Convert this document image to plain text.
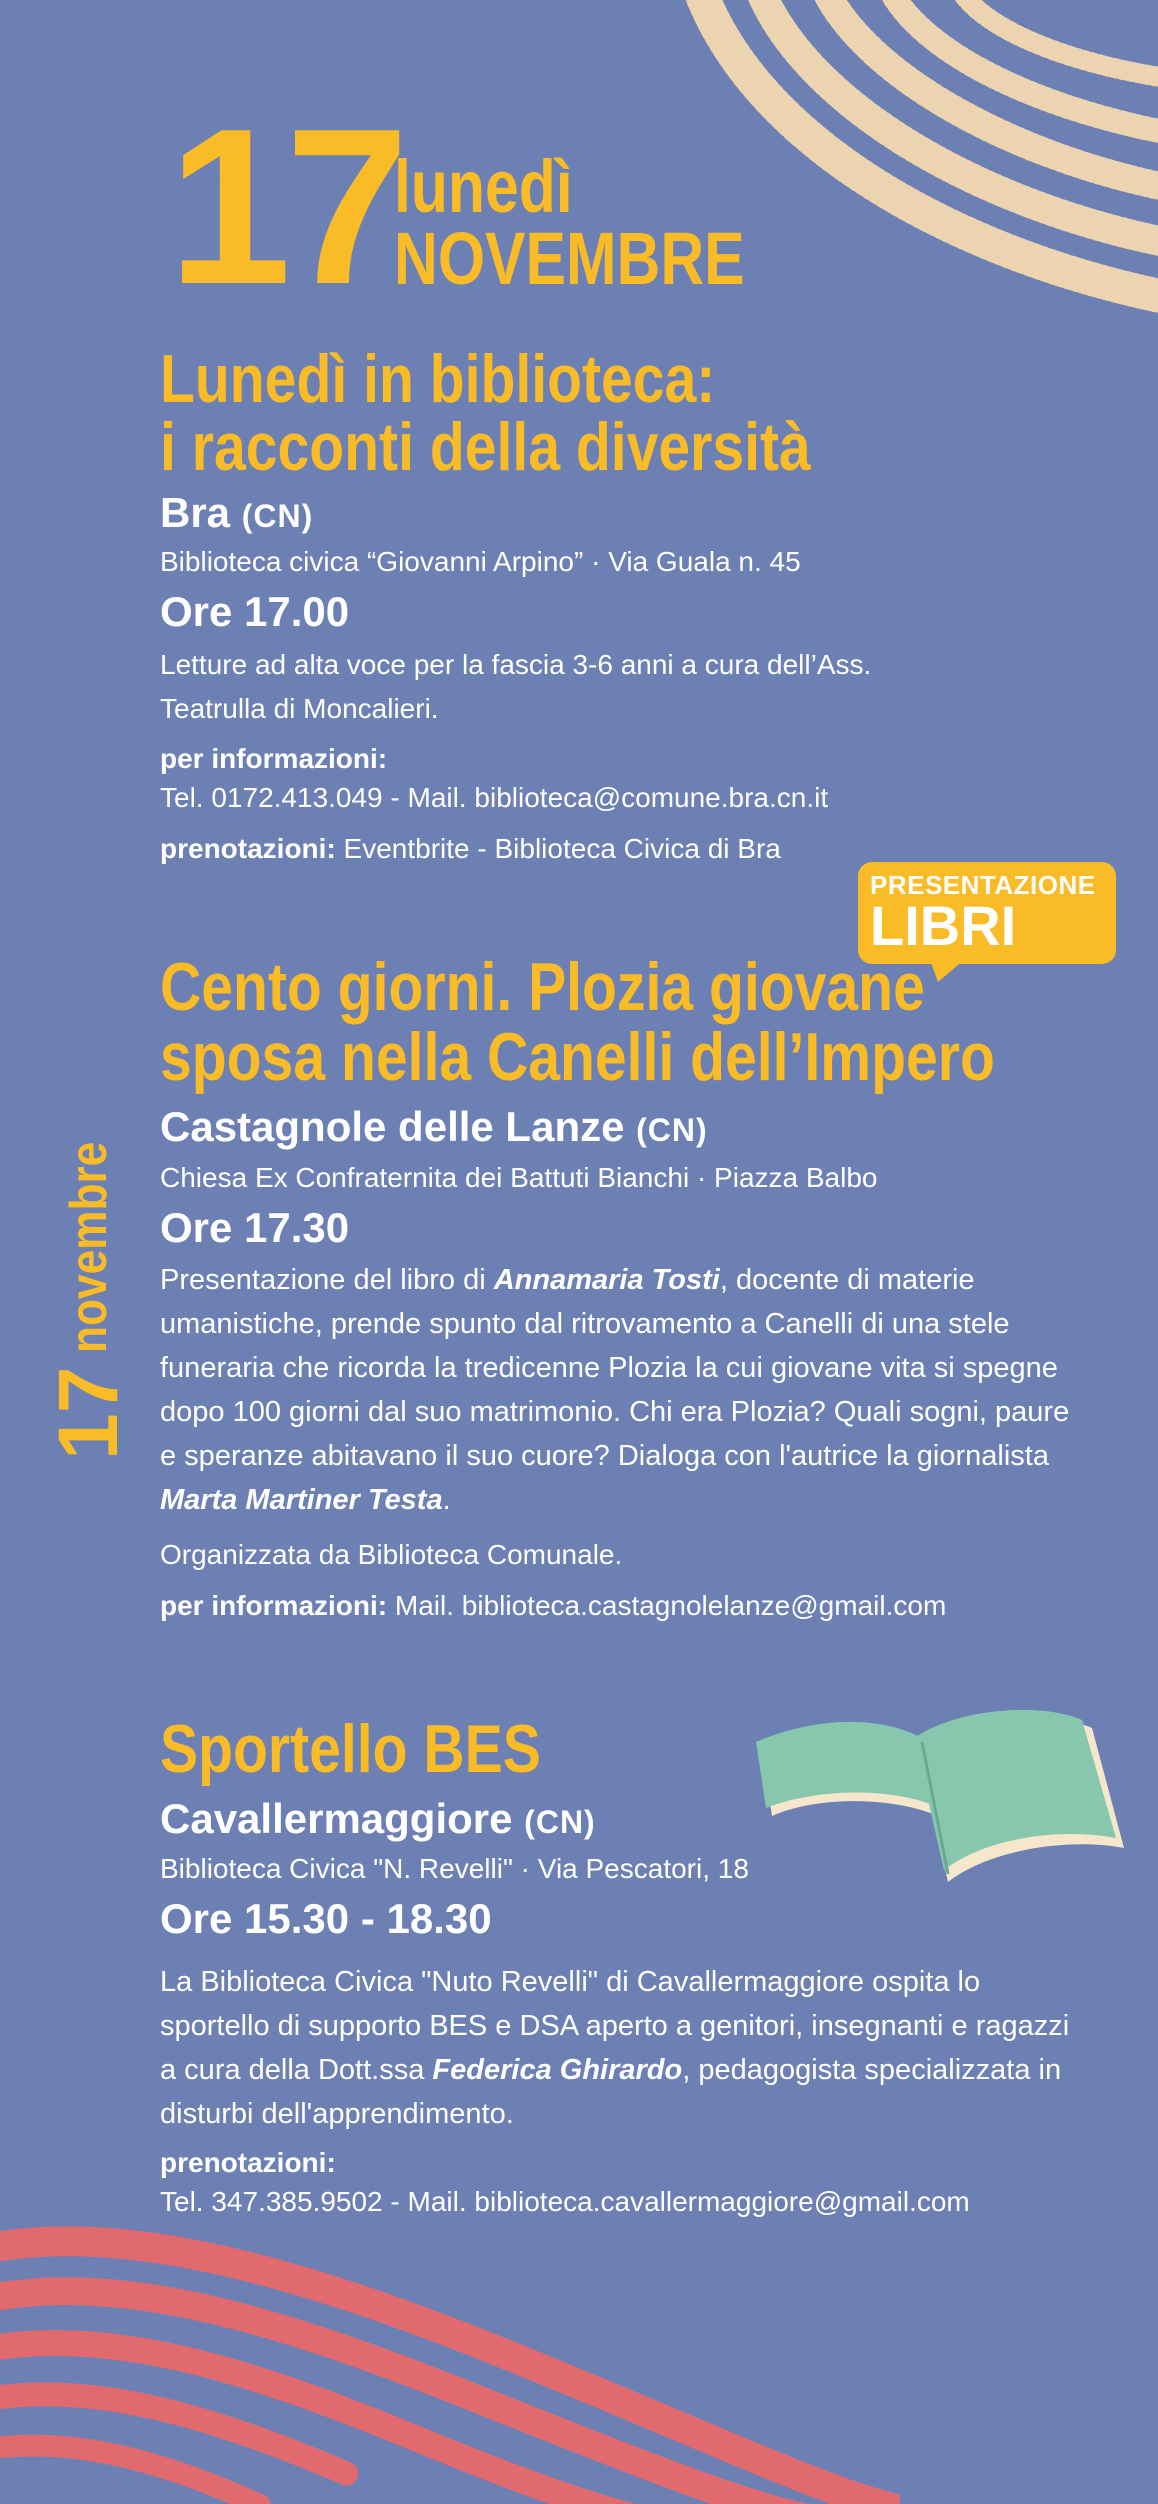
17
lunedì
NOVEMBRE
17novembre
Lunedì in biblioteca:
i racconti della diversità
Bra (CN)
Biblioteca civica “Giovanni Arpino” · Via Guala n. 45
Ore 17.00
Letture ad alta voce per la fascia 3-6 anni a cura dell’Ass.
Teatrulla di Moncalieri.
per informazioni:
Tel. 0172.413.049 - Mail. biblioteca@comune.bra.cn.it
prenotazioni: Eventbrite - Biblioteca Civica di Bra
PRESENTAZIONE
LIBRI
Cento giorni. Plozia giovane
sposa nella Canelli dell’Impero
Castagnole delle Lanze (CN)
Chiesa Ex Confraternita dei Battuti Bianchi · Piazza Balbo
Ore 17.30
Presentazione del libro di Annamaria Tosti, docente di materie umanistiche, prende spunto dal ritrovamento a Canelli di una stele funeraria che ricorda la tredicenne Plozia la cui giovane vita si spegne dopo 100 giorni dal suo matrimonio. Chi era Plozia? Quali sogni, paure e speranze abitavano il suo cuore? Dialoga con l'autrice la giornalista Marta Martiner Testa.
Organizzata da Biblioteca Comunale.
per informazioni: Mail. biblioteca.castagnolelanze@gmail.com
Sportello BES
Cavallermaggiore (CN)
Biblioteca Civica "N. Revelli" · Via Pescatori, 18
Ore 15.30 - 18.30
La Biblioteca Civica "Nuto Revelli" di Cavallermaggiore ospita lo sportello di supporto BES e DSA aperto a genitori, insegnanti e ragazzi a cura della Dott.ssa Federica Ghirardo, pedagogista specializzata in disturbi dell'apprendimento.
prenotazioni:
Tel. 347.385.9502 - Mail. biblioteca.cavallermaggiore@gmail.com
